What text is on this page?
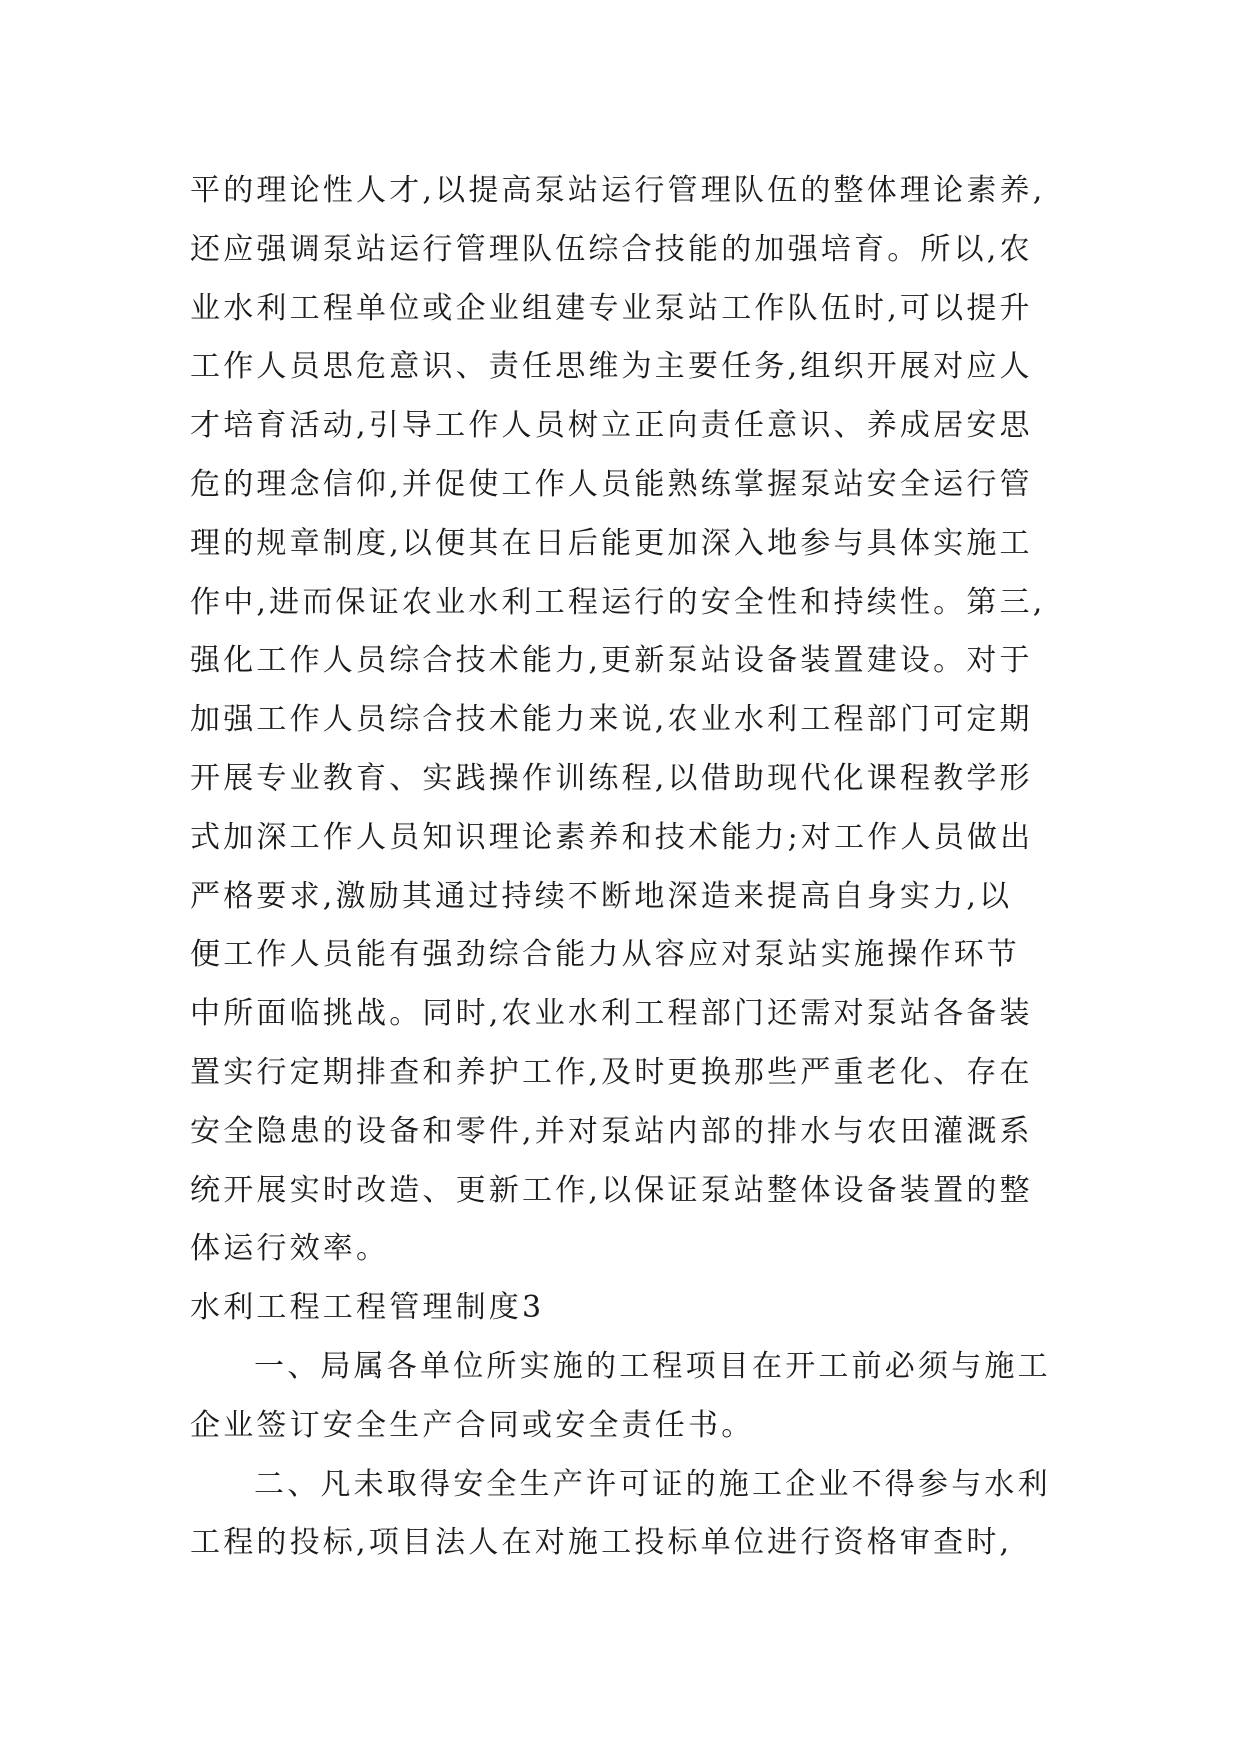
平的理论性人才,以提高泵站运行管理队伍的整体理论素养,
还应强调泵站运行管理队伍综合技能的加强培育。所以,农
业水利工程单位或企业组建专业泵站工作队伍时,可以提升
工作人员思危意识、责任思维为主要任务,组织开展对应人
才培育活动,引导工作人员树立正向责任意识、养成居安思
危的理念信仰,并促使工作人员能熟练掌握泵站安全运行管
理的规章制度,以便其在日后能更加深入地参与具体实施工
作中,进而保证农业水利工程运行的安全性和持续性。第三,
强化工作人员综合技术能力,更新泵站设备装置建设。对于
加强工作人员综合技术能力来说,农业水利工程部门可定期
开展专业教育、实践操作训练程,以借助现代化课程教学形
式加深工作人员知识理论素养和技术能力;对工作人员做出
严格要求,激励其通过持续不断地深造来提高自身实力,以
便工作人员能有强劲综合能力从容应对泵站实施操作环节
中所面临挑战。同时,农业水利工程部门还需对泵站各备装
置实行定期排查和养护工作,及时更换那些严重老化、存在
安全隐患的设备和零件,并对泵站内部的排水与农田灌溉系
统开展实时改造、更新工作,以保证泵站整体设备装置的整
体运行效率。
水利工程工程管理制度3
一、局属各单位所实施的工程项目在开工前必须与施工
企业签订安全生产合同或安全责任书。
二、凡未取得安全生产许可证的施工企业不得参与水利
工程的投标,项目法人在对施工投标单位进行资格审查时,
